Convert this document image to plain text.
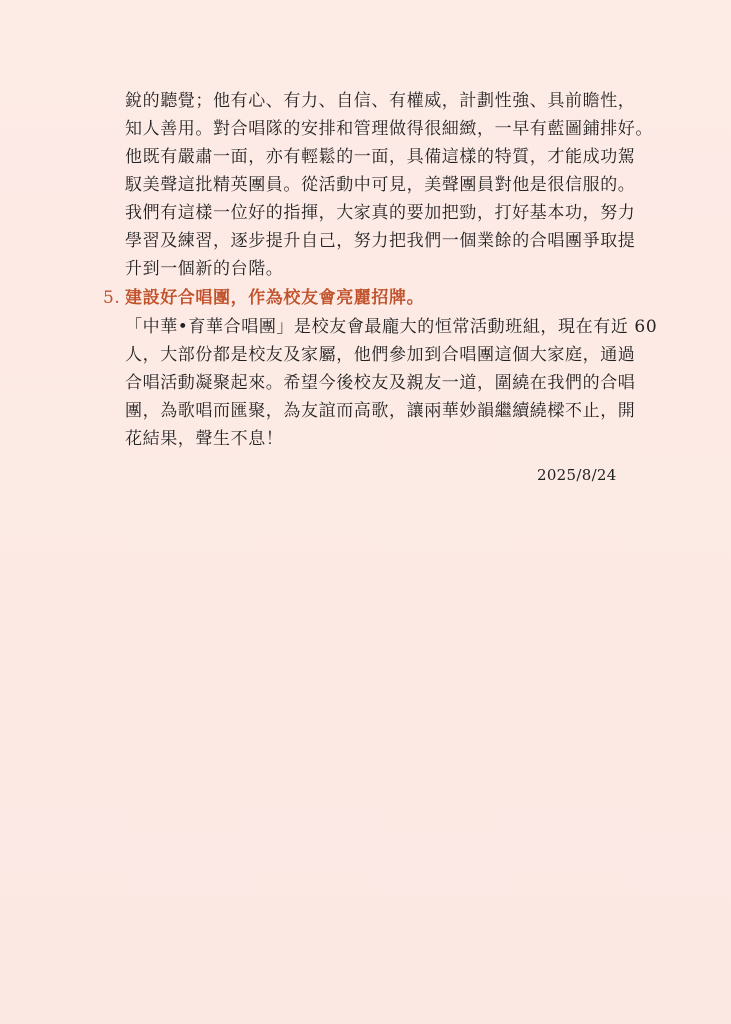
銳的聽覺；他有心、有力、自信、有權威，計劃性強、具前瞻性，

知人善用。對合唱隊的安排和管理做得很細緻，一早有藍圖鋪排好。

他既有嚴肅一面，亦有輕鬆的一面，具備這樣的特質，才能成功駕

馭美聲這批精英團員。從活動中可見，美聲團員對他是很信服的。

我們有這樣一位好的指揮，大家真的要加把勁，打好基本功，努力

學習及練習，逐步提升自己，努力把我們一個業餘的合唱團爭取提

升到一個新的台階。

5. 建設好合唱團，作為校友會亮麗招牌。

「中華•育華合唱團」是校友會最龐大的恒常活動班組，現在有近 60

人，大部份都是校友及家屬，他們參加到合唱團這個大家庭，通過

合唱活動凝聚起來。希望今後校友及親友一道，圍繞在我們的合唱

團，為歌唱而匯聚，為友誼而高歌，讓兩華妙韻繼續繞樑不止，開

花結果，聲生不息！

2025/8/24
